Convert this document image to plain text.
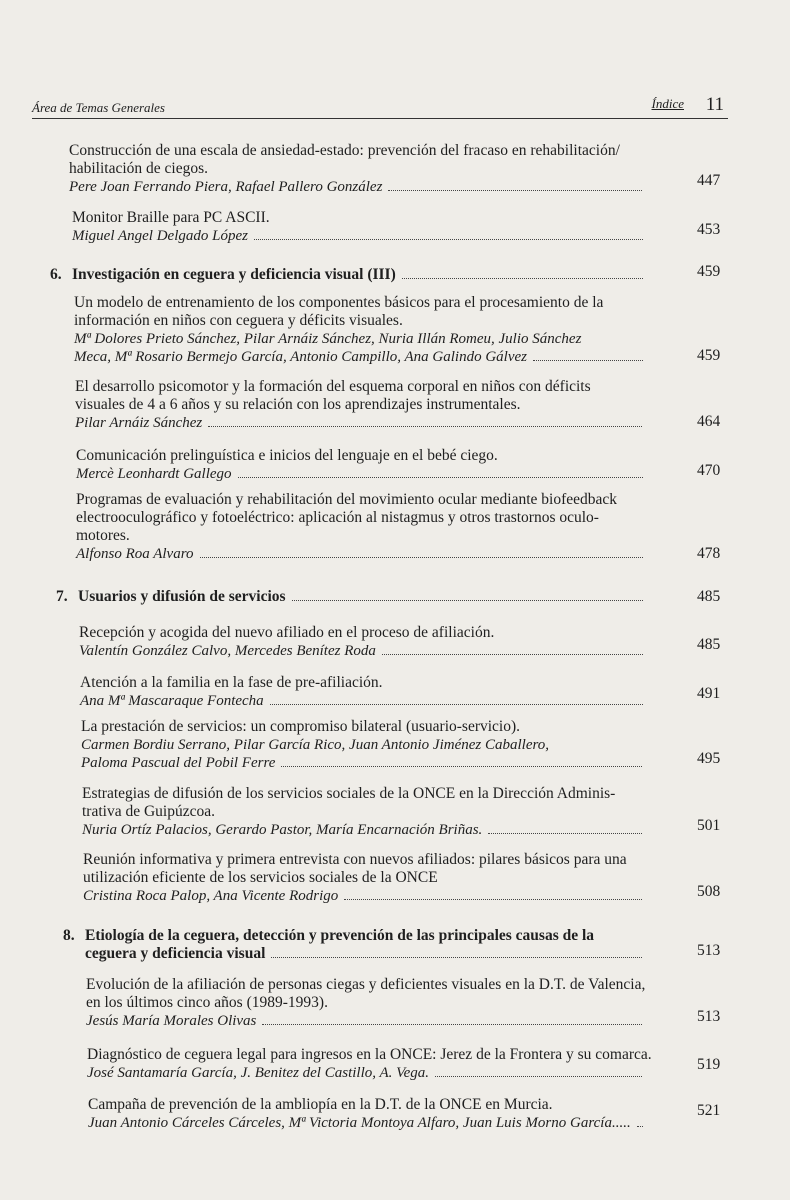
Área de Temas Generales	Índice 11
Construcción de una escala de ansiedad-estado: prevención del fracaso en rehabilitación/
habilitación de ciegos.
Pere Joan Ferrando Piera, Rafael Pallero González	447
Monitor Braille para PC ASCII.
Miguel Angel Delgado López	453
6. Investigación en ceguera y deficiencia visual (III)	459
Un modelo de entrenamiento de los componentes básicos para el procesamiento de la
información en niños con ceguera y déficits visuales.
Mª Dolores Prieto Sánchez, Pilar Arnáiz Sánchez, Nuria Illán Romeu, Julio Sánchez
Meca, Mª Rosario Bermejo García, Antonio Campillo, Ana Galindo Gálvez	459
El desarrollo psicomotor y la formación del esquema corporal en niños con déficits
visuales de 4 a 6 años y su relación con los aprendizajes instrumentales.
Pilar Arnáiz Sánchez	464
Comunicación prelinguística e inicios del lenguaje en el bebé ciego.
Mercè Leonhardt Gallego	470
Programas de evaluación y rehabilitación del movimiento ocular mediante biofeedback
electrooculográfico y fotoeléctrico: aplicación al nistagmus y otros trastornos oculo-
motores.
Alfonso Roa Alvaro	478
7. Usuarios y difusión de servicios	485
Recepción y acogida del nuevo afiliado en el proceso de afiliación.
Valentín González Calvo, Mercedes Benítez Roda	485
Atención a la familia en la fase de pre-afiliación.
Ana Mª Mascaraque Fontecha	491
La prestación de servicios: un compromiso bilateral (usuario-servicio).
Carmen Bordiu Serrano, Pilar García Rico, Juan Antonio Jiménez Caballero,
Paloma Pascual del Pobil Ferre	495
Estrategias de difusión de los servicios sociales de la ONCE en la Dirección Adminis-
trativa de Guipúzcoa.
Nuria Ortíz Palacios, Gerardo Pastor, María Encarnación Briñas.	501
Reunión informativa y primera entrevista con nuevos afiliados: pilares básicos para una
utilización eficiente de los servicios sociales de la ONCE
Cristina Roca Palop, Ana Vicente Rodrigo	508
8. Etiología de la ceguera, detección y prevención de las principales causas de la
ceguera y deficiencia visual	513
Evolución de la afiliación de personas ciegas y deficientes visuales en la D.T. de Valencia,
en los últimos cinco años (1989-1993).
Jesús María Morales Olivas	513
Diagnóstico de ceguera legal para ingresos en la ONCE: Jerez de la Frontera y su comarca.
José Santamaría García, J. Benitez del Castillo, A. Vega.	519
Campaña de prevención de la ambliopía en la D.T. de la ONCE en Murcia.
Juan Antonio Cárceles Cárceles, Mª Victoria Montoya Alfaro, Juan Luis Morno García.....
521
